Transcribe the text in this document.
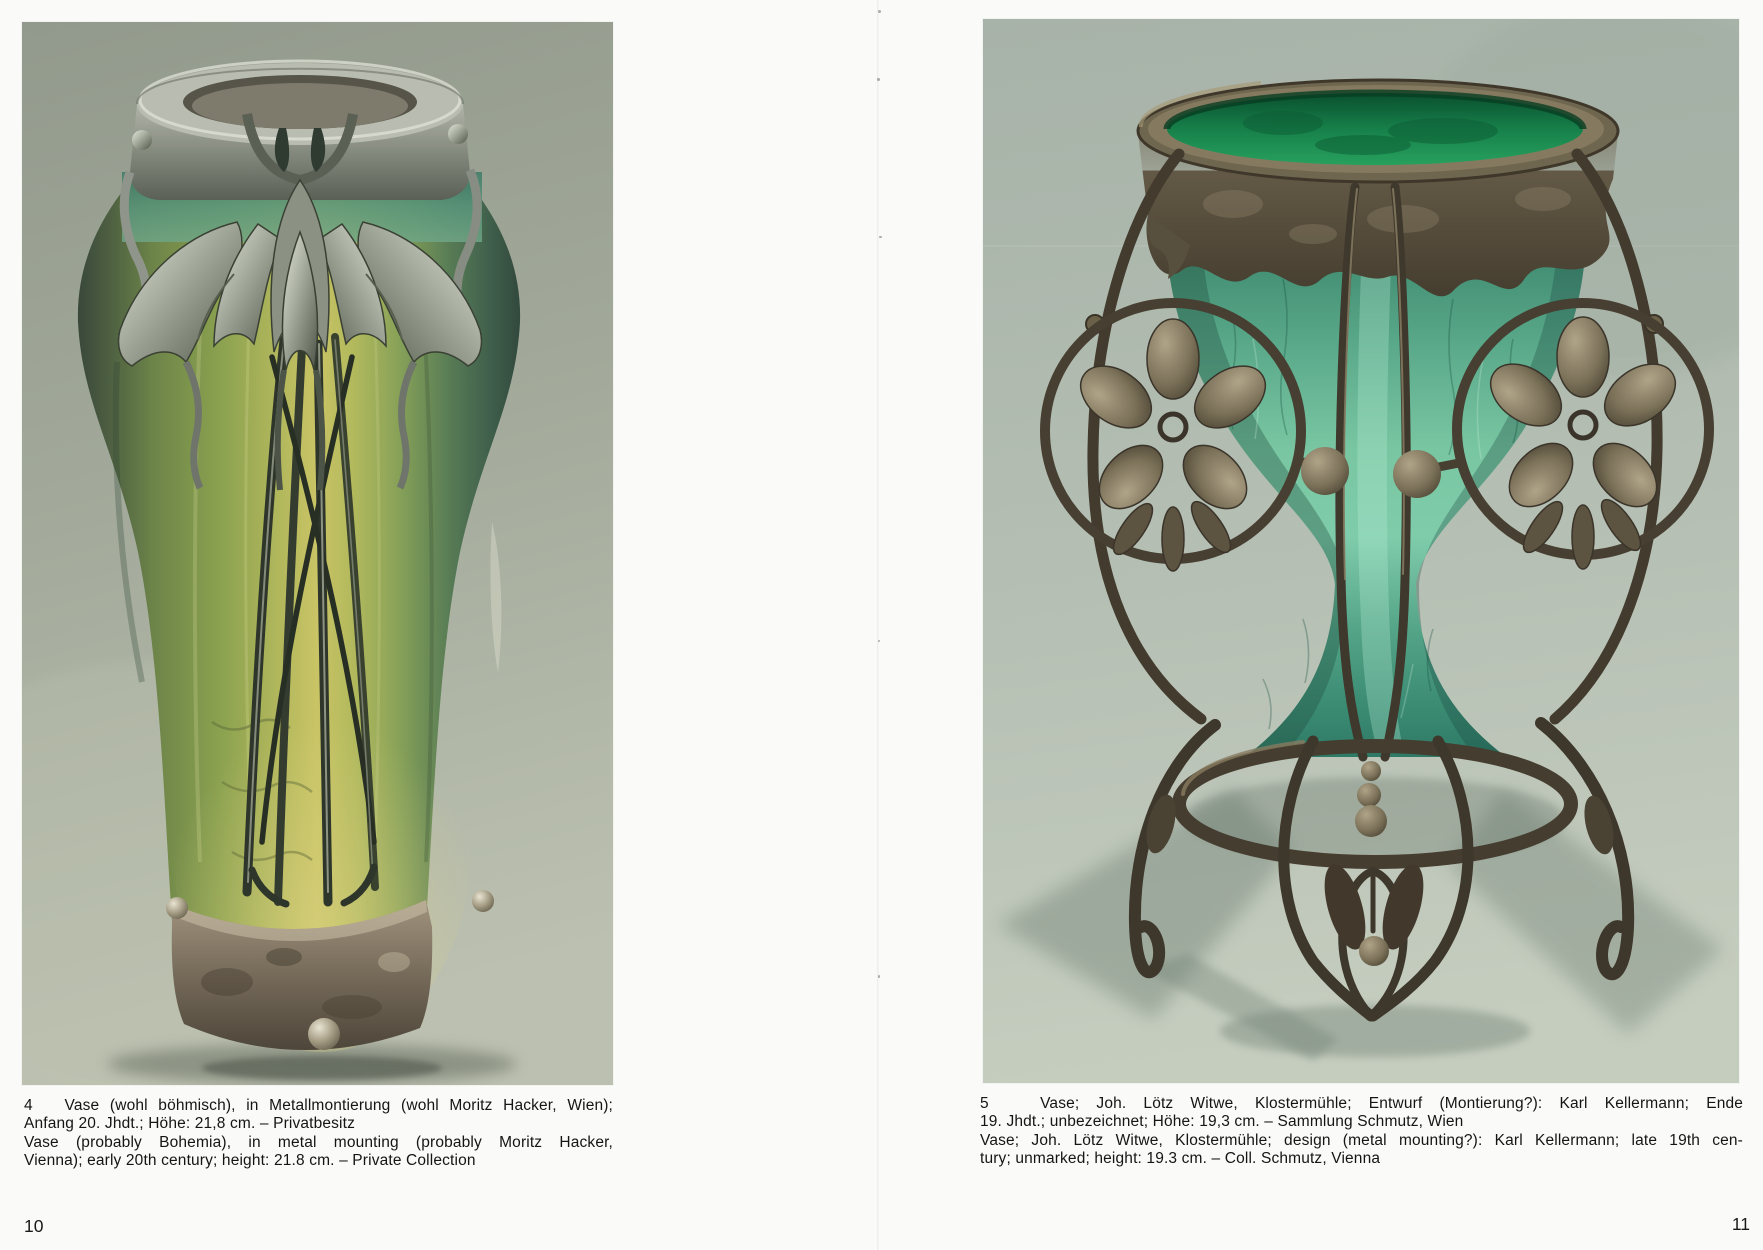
4   Vase (wohl böhmisch), in Metallmontierung (wohl Moritz Hacker, Wien);
Anfang 20. Jhdt.; Höhe: 21,8 cm. – Privatbesitz
Vase (probably Bohemia), in metal mounting (probably Moritz Hacker,
Vienna); early 20th century; height: 21.8 cm. – Private Collection
10
5   Vase; Joh. Lötz Witwe, Klostermühle; Entwurf (Montierung?): Karl Kellermann; Ende
19. Jhdt.; unbezeichnet; Höhe: 19,3 cm. – Sammlung Schmutz, Wien
Vase; Joh. Lötz Witwe, Klostermühle; design (metal mounting?): Karl Kellermann; late 19th cen-
tury; unmarked; height: 19.3 cm. – Coll. Schmutz, Vienna
11
